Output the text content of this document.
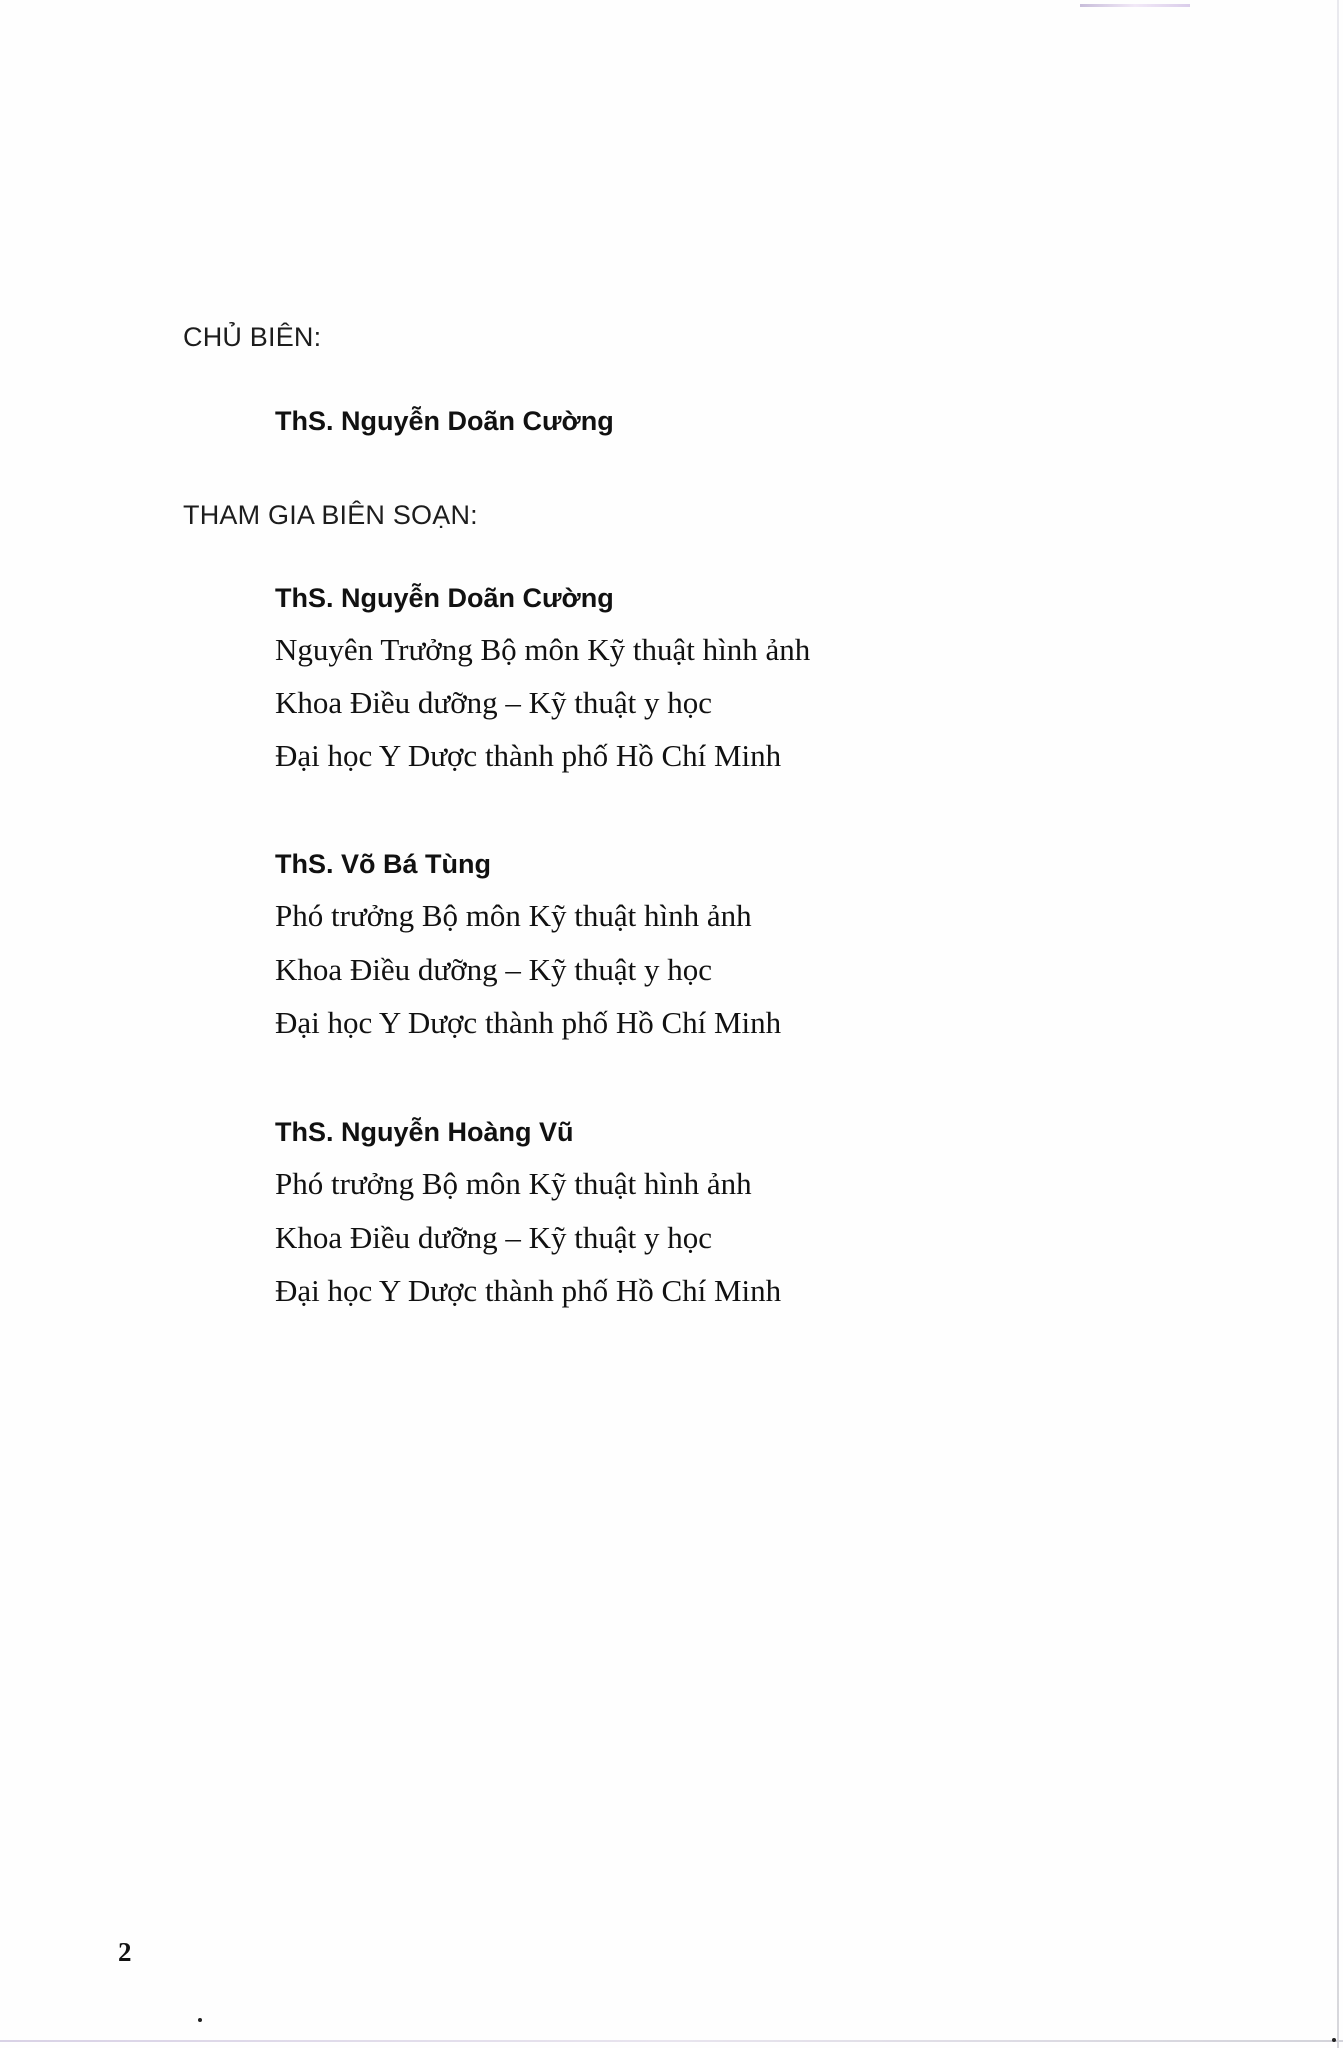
CHỦ BIÊN:
ThS. Nguyễn Doãn Cường
THAM GIA BIÊN SOẠN:
ThS. Nguyễn Doãn Cường
Nguyên Trưởng Bộ môn Kỹ thuật hình ảnh
Khoa Điều dưỡng – Kỹ thuật y học
Đại học Y Dược thành phố Hồ Chí Minh
ThS. Võ Bá Tùng
Phó trưởng Bộ môn Kỹ thuật hình ảnh
Khoa Điều dưỡng – Kỹ thuật y học
Đại học Y Dược thành phố Hồ Chí Minh
ThS. Nguyễn Hoàng Vũ
Phó trưởng Bộ môn Kỹ thuật hình ảnh
Khoa Điều dưỡng – Kỹ thuật y học
Đại học Y Dược thành phố Hồ Chí Minh
2
